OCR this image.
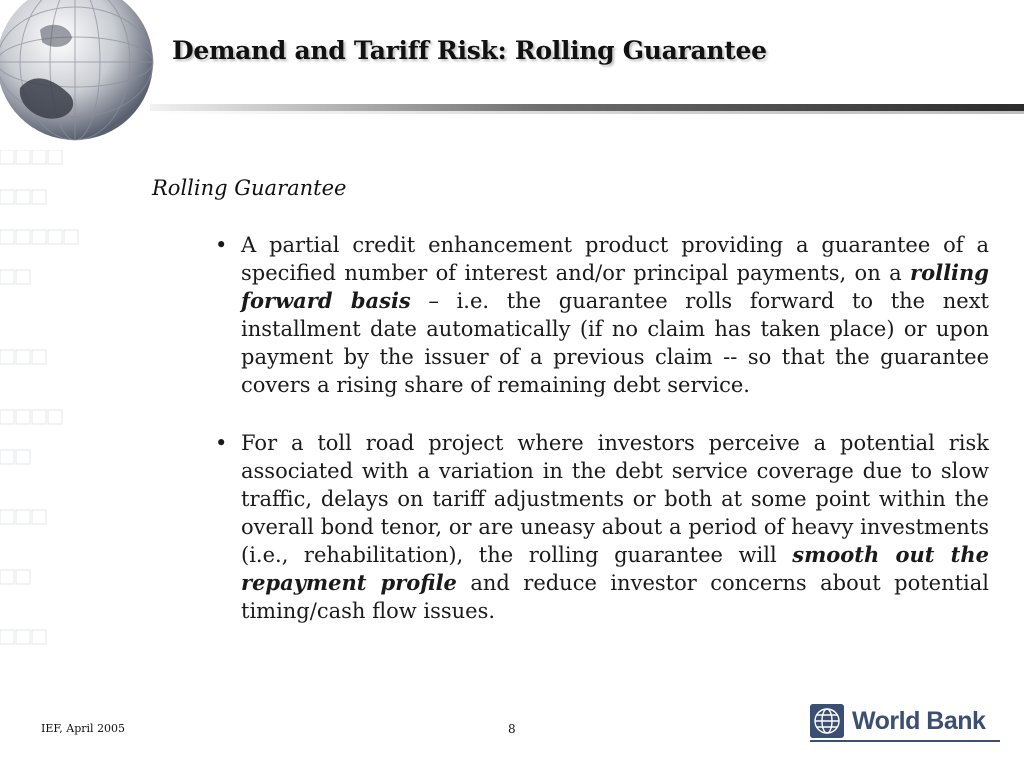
Demand and Tariff Risk: Rolling Guarantee
Rolling Guarantee
• A partial credit enhancement product providing a guarantee of a specified number of interest and/or principal payments, on a rolling forward basis – i.e. the guarantee rolls forward to the next installment date automatically (if no claim has taken place) or upon payment by the issuer of a previous claim -- so that the guarantee covers a rising share of remaining debt service.
• For a toll road project where investors perceive a potential risk associated with a variation in the debt service coverage due to slow traffic, delays on tariff adjustments or both at some point within the overall bond tenor, or are uneasy about a period of heavy investments (i.e., rehabilitation), the rolling guarantee will smooth out the repayment profile and reduce investor concerns about potential timing/cash flow issues.
IEF, April 2005	8	World Bank
